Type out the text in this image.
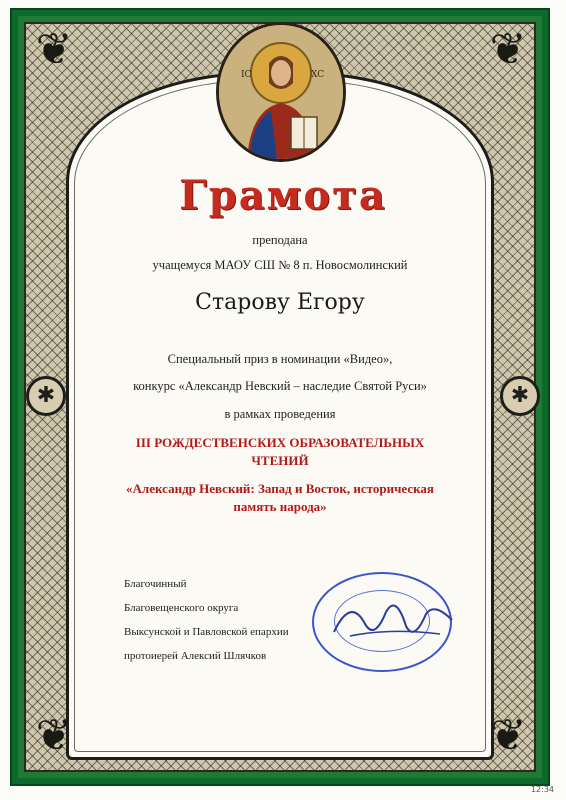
✱
✱
❦	❦
❦	❦
IC	XC
Грамота
преподана
учащемуся МАОУ СШ № 8 п. Новосмолинский
Старову Егору
Специальный приз в номинации «Видео»,
конкурс «Александр Невский – наследие Святой Руси»
в рамках проведения
III РОЖДЕСТВЕНСКИХ ОБРАЗОВАТЕЛЬНЫХ
ЧТЕНИЙ
«Александр Невский: Запад и Восток, историческая
память народа»
Благочинный
Благовещенского округа
Выксунской и Павловской епархии
протоиерей Алексий Шлячков
12:34
